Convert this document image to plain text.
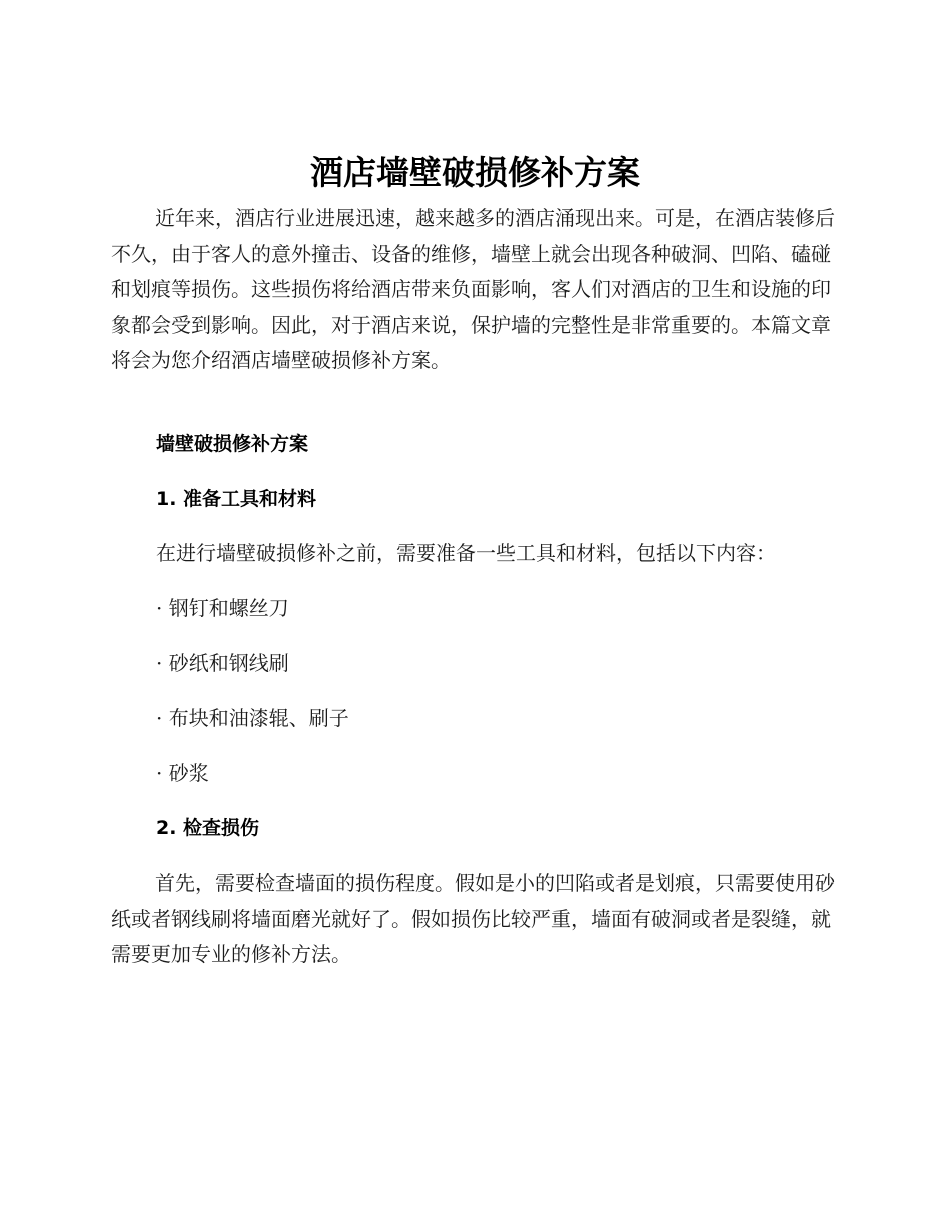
酒店墙壁破损修补方案

近年来，酒店行业进展迅速，越来越多的酒店涌现出来。可是，在酒店装修后不久，由于客人的意外撞击、设备的维修，墙壁上就会出现各种破洞、凹陷、磕碰和划痕等损伤。这些损伤将给酒店带来负面影响，客人们对酒店的卫生和设施的印象都会受到影响。因此，对于酒店来说，保护墙的完整性是非常重要的。本篇文章将会为您介绍酒店墙壁破损修补方案。

墙壁破损修补方案

1. 准备工具和材料

在进行墙壁破损修补之前，需要准备一些工具和材料，包括以下内容：

· 钢钉和螺丝刀

· 砂纸和钢线刷

· 布块和油漆辊、刷子

· 砂浆

2. 检查损伤

首先，需要检查墙面的损伤程度。假如是小的凹陷或者是划痕，只需要使用砂纸或者钢线刷将墙面磨光就好了。假如损伤比较严重，墙面有破洞或者是裂缝，就需要更加专业的修补方法。
